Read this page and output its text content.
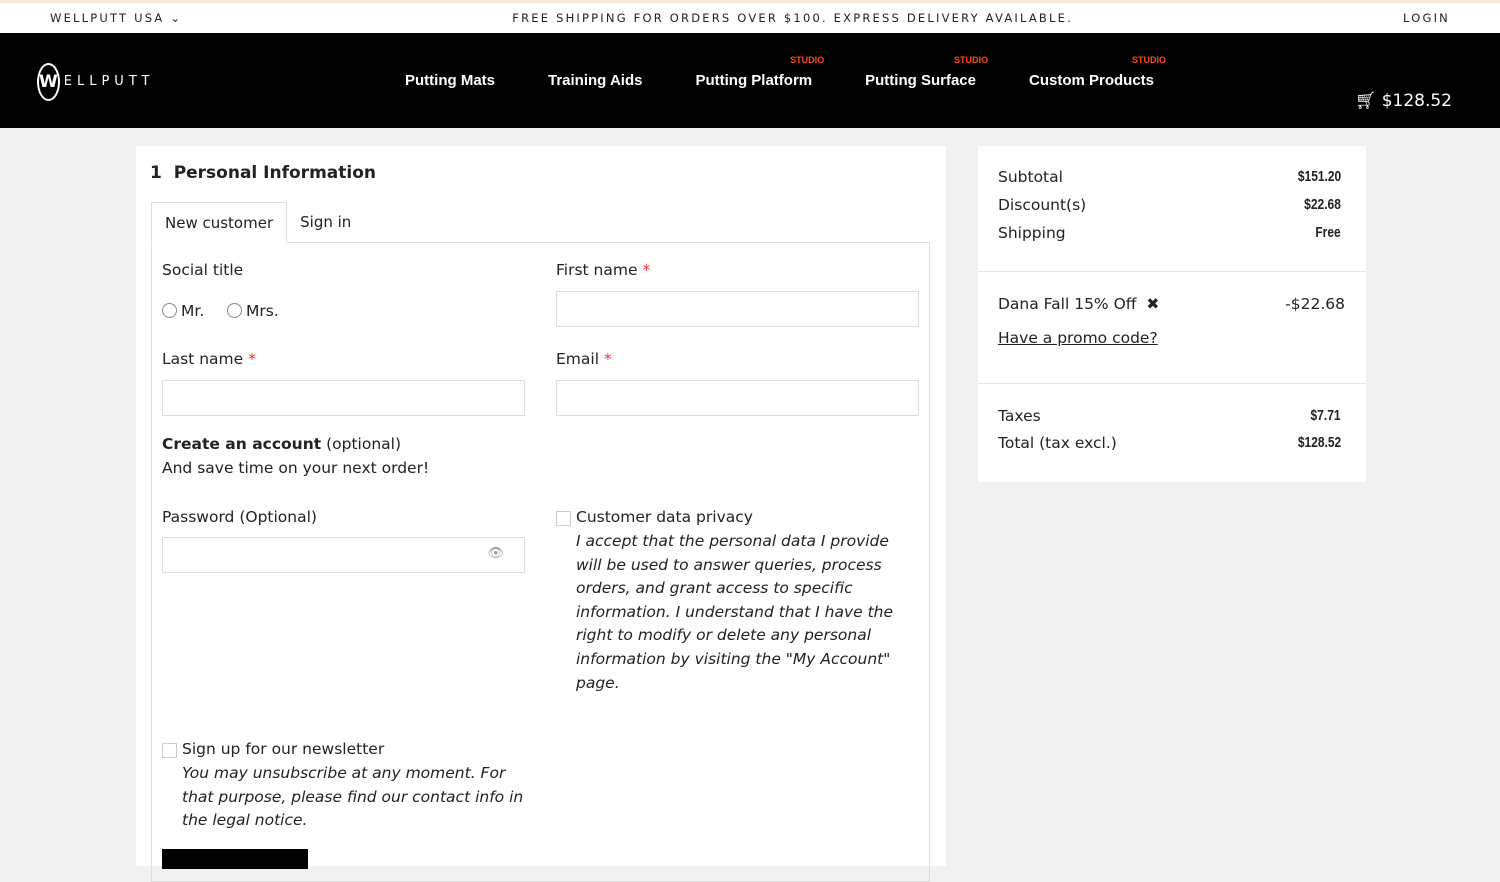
WELLPUTT USA ⌄	FREE SHIPPING FOR ORDERS OVER $100. EXPRESS DELIVERY AVAILABLE.	LOGIN
WELLPUTT	Putting Mats	Training Aids
STUDIO
Putting Platform
STUDIO
Putting Surface
STUDIO
Custom Products
🛒︎ $128.52
1 Personal Information
New customer	Sign in
Social title
Mr.	Mrs.
First name *
Last name *	Email *
Create an account (optional)
And save time on your next order!
Password (Optional)
👁︎
Customer data privacy
I accept that the personal data I provide will be used to answer queries, process orders, and grant access to specific information. I understand that I have the right to modify or delete any personal information by visiting the "My Account" page.
Sign up for our newsletter
You may unsubscribe at any moment. For that purpose, please find our contact info in the legal notice.
Subtotal	$151.20
Discount(s)	$22.68
Shipping	Free
Dana Fall 15% Off ✖	-$22.68
Have a promo code?
Taxes	$7.71
Total (tax excl.)	$128.52
